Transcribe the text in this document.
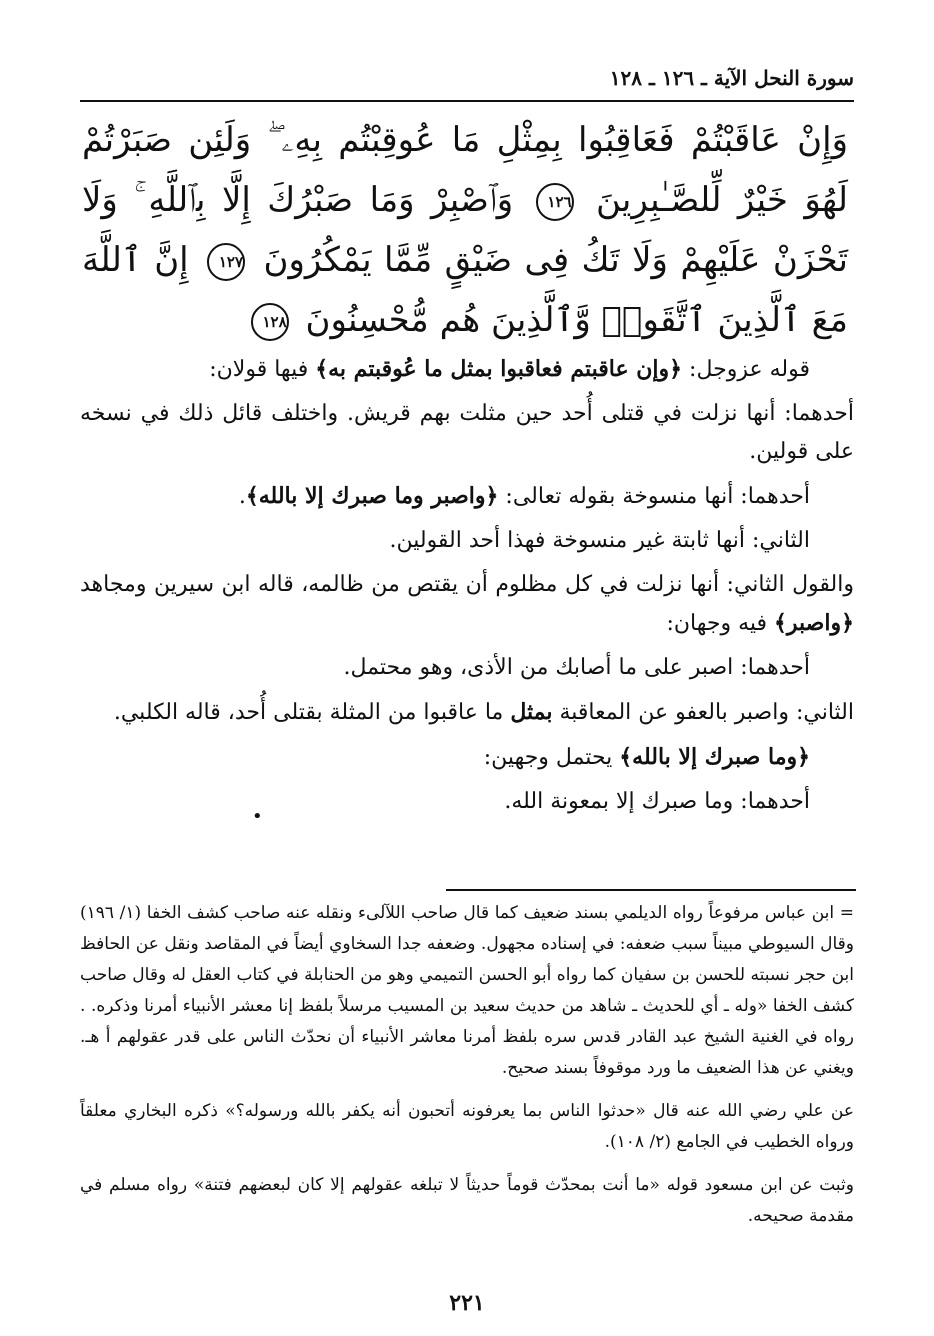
سورة النحل الآية ـ ١٢٦ ـ ١٢٨
وَإِنْ عَاقَبْتُمْ فَعَاقِبُوا بِمِثْلِ مَا عُوقِبْتُم بِهِۦ ۖ وَلَئِن صَبَرْتُمْ لَهُوَ خَيْرٌ لِّلصَّـٰبِرِينَ ١٢٦ وَٱصْبِرْ وَمَا صَبْرُكَ إِلَّا بِٱللَّهِ ۚ وَلَا تَحْزَنْ عَلَيْهِمْ وَلَا تَكُ فِى ضَيْقٍ مِّمَّا يَمْكُرُونَ ١٢٧ إِنَّ ٱللَّهَ مَعَ ٱلَّذِينَ ٱتَّقَوا۟ وَّٱلَّذِينَ هُم مُّحْسِنُونَ ١٢٨

قوله عزوجل: ﴿وإن عاقبتم فعاقبوا بمثل ما عُوقبتم به﴾ فيها قولان:

أحدهما: أنها نزلت في قتلى أُحد حين مثلت بهم قريش. واختلف قائل ذلك في نسخه على قولين.

أحدهما: أنها منسوخة بقوله تعالى: ﴿واصبر وما صبرك إلا بالله﴾.

الثاني: أنها ثابتة غير منسوخة فهذا أحد القولين.

والقول الثاني: أنها نزلت في كل مظلوم أن يقتص من ظالمه، قاله ابن سيرين ومجاهد ﴿واصبر﴾ فيه وجهان:

أحدهما: اصبر على ما أصابك من الأذى، وهو محتمل.

الثاني: واصبر بالعفو عن المعاقبة بمثل ما عاقبوا من المثلة بقتلى أُحد، قاله الكلبي.

﴿وما صبرك إلا بالله﴾ يحتمل وجهين:

أحدهما: وما صبرك إلا بمعونة الله.

•

= ابن عباس مرفوعاً رواه الديلمي بسند ضعيف كما قال صاحب اللآلىء ونقله عنه صاحب كشف الخفا (١/ ١٩٦) وقال السيوطي مبيناً سبب ضعفه: في إسناده مجهول. وضعفه جدا السخاوي أيضاً في المقاصد ونقل عن الحافظ ابن حجر نسبته للحسن بن سفيان كما رواه أبو الحسن التميمي وهو من الحنابلة في كتاب العقل له وقال صاحب كشف الخفا «وله ـ أي للحديث ـ شاهد من حديث سعيد بن المسيب مرسلاً بلفظ إنا معشر الأنبياء أمرنا وذكره. . رواه في الغنية الشيخ عبد القادر قدس سره بلفظ أمرنا معاشر الأنبياء أن نحدّث الناس على قدر عقولهم أ هـ. ويغني عن هذا الضعيف ما ورد موقوفاً بسند صحيح.

عن علي رضي الله عنه قال «حدثوا الناس بما يعرفونه أتحبون أنه يكفر بالله ورسوله؟» ذكره البخاري معلقاً ورواه الخطيب في الجامع (٢/ ١٠٨).

وثبت عن ابن مسعود قوله «ما أنت بمحدّث قوماً حديثاً لا تبلغه عقولهم إلا كان لبعضهم فتنة» رواه مسلم في مقدمة صحيحه.

٢٢١
